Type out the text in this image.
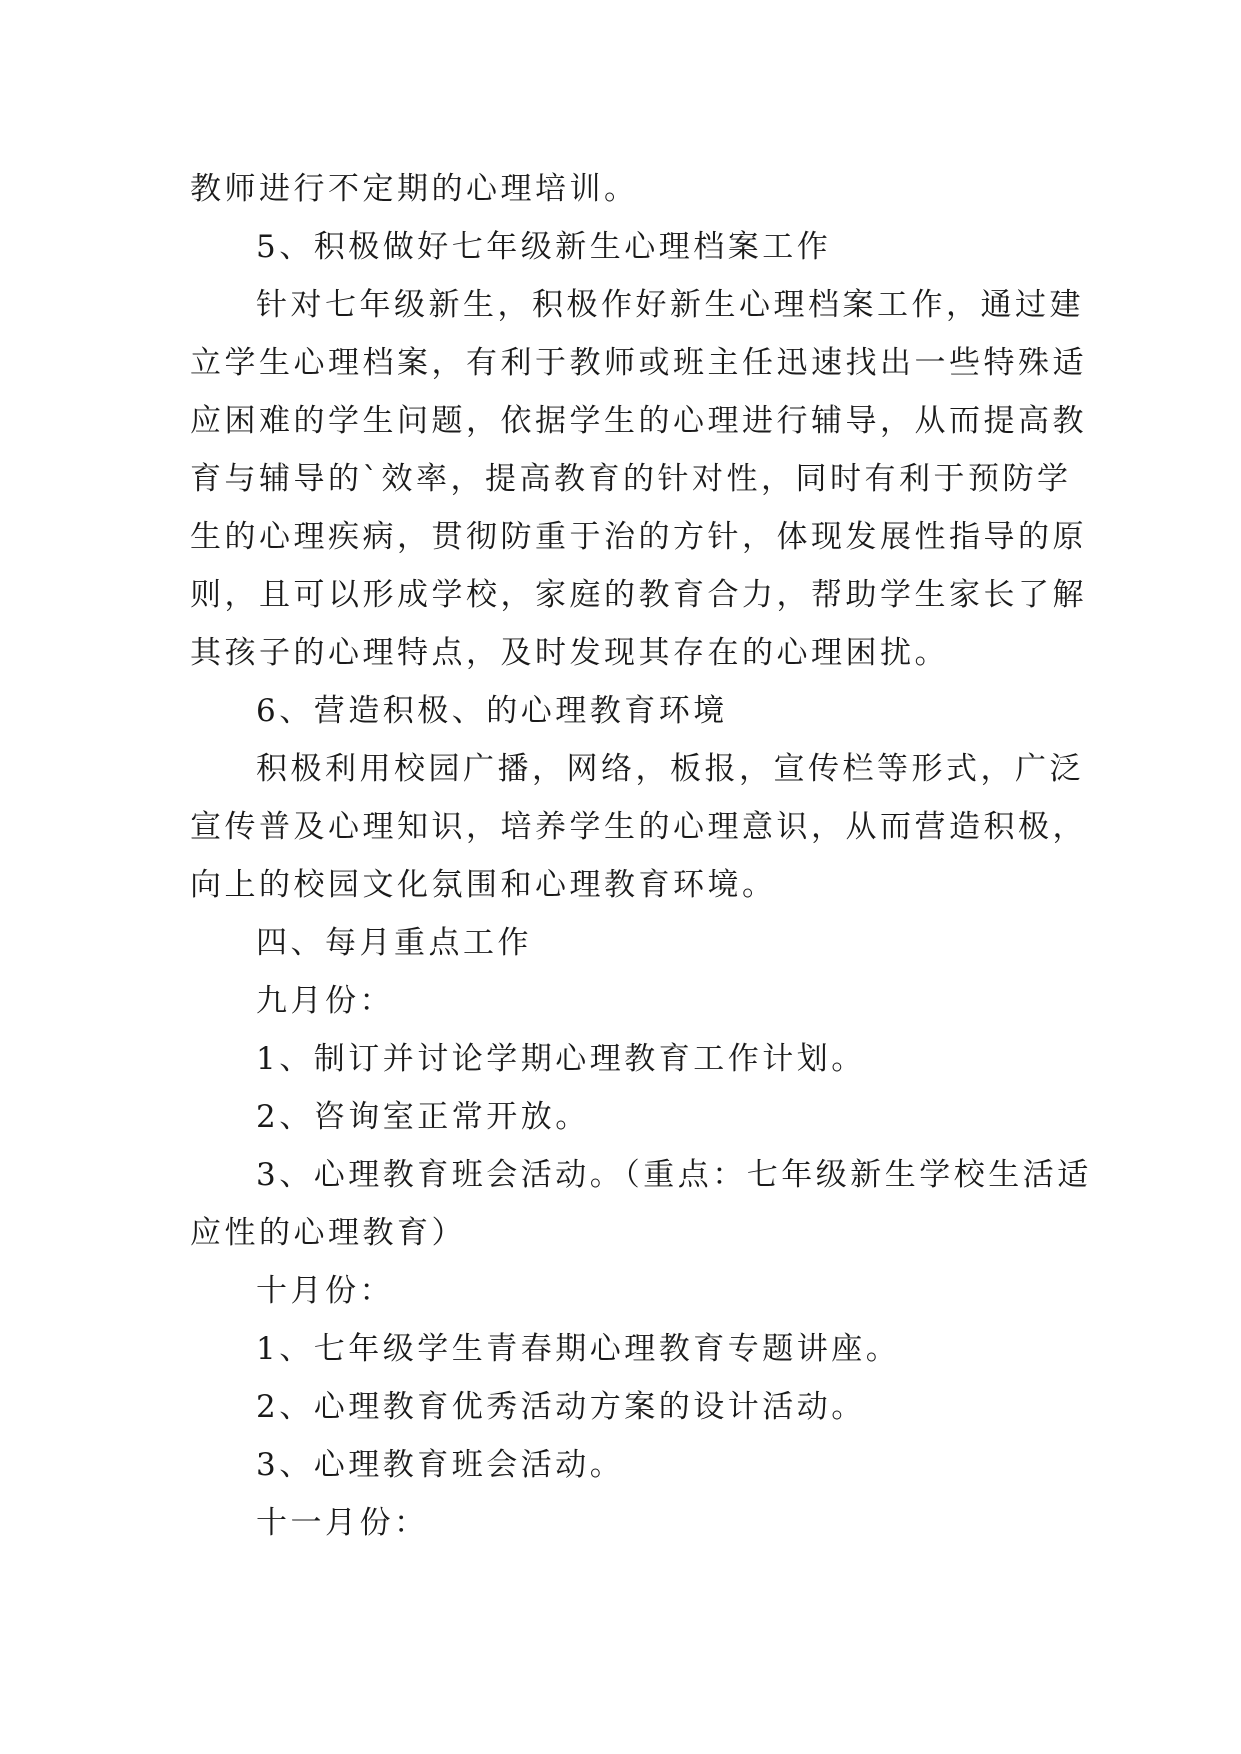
教师进行不定期的心理培训。
5、积极做好七年级新生心理档案工作
针对七年级新生，积极作好新生心理档案工作，通过建
立学生心理档案，有利于教师或班主任迅速找出一些特殊适
应困难的学生问题，依据学生的心理进行辅导，从而提高教
育与辅导的`效率，提高教育的针对性，同时有利于预防学
生的心理疾病，贯彻防重于治的方针，体现发展性指导的原
则，且可以形成学校，家庭的教育合力，帮助学生家长了解
其孩子的心理特点，及时发现其存在的心理困扰。
6、营造积极、的心理教育环境
积极利用校园广播，网络，板报，宣传栏等形式，广泛
宣传普及心理知识，培养学生的心理意识，从而营造积极，
向上的校园文化氛围和心理教育环境。
四、每月重点工作
九月份：
1、制订并讨论学期心理教育工作计划。
2、咨询室正常开放。
3、心理教育班会活动。（重点：七年级新生学校生活适
应性的心理教育）
十月份：
1、七年级学生青春期心理教育专题讲座。
2、心理教育优秀活动方案的设计活动。
3、心理教育班会活动。
十一月份：
